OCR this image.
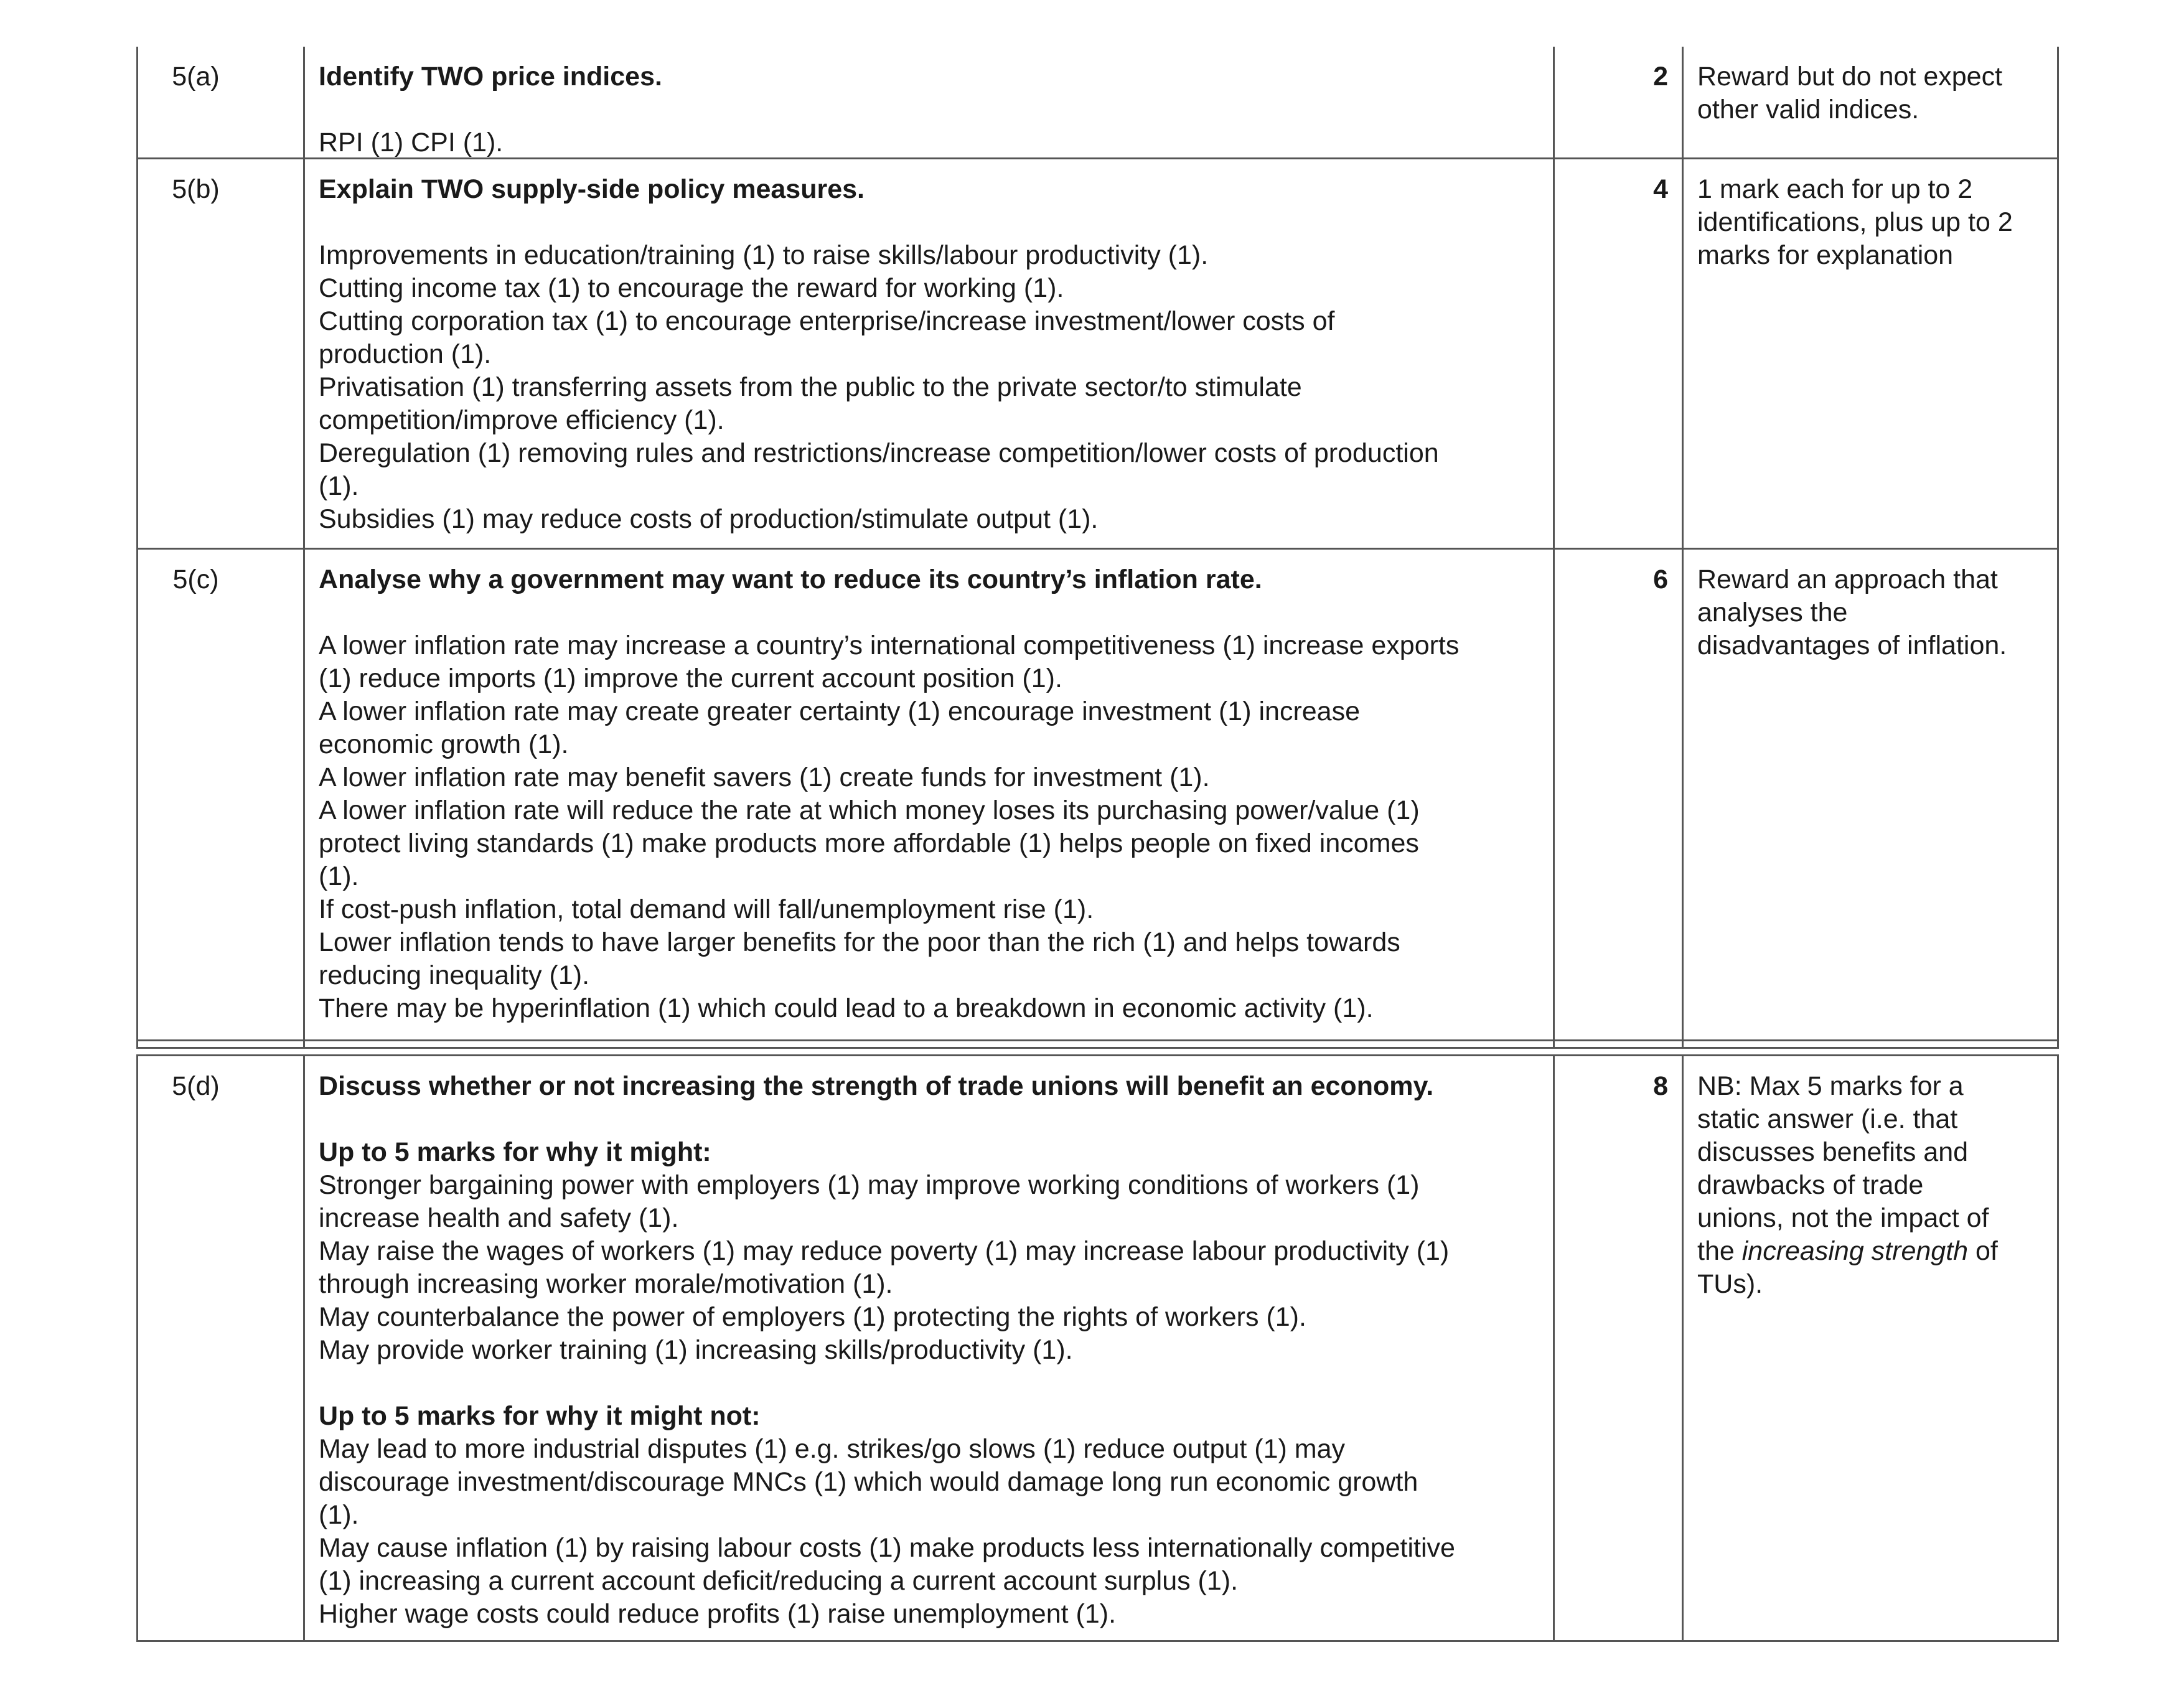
5(a)	Identify TWO price indices.
RPI (1) CPI (1).
2 Reward but do not expect
other valid indices.
5(b)	Explain TWO supply-side policy measures.
Improvements in education/training (1) to raise skills/labour productivity (1).
Cutting income tax (1) to encourage the reward for working (1).
Cutting corporation tax (1) to encourage enterprise/increase investment/lower costs of
production (1).
Privatisation (1) transferring assets from the public to the private sector/to stimulate
competition/improve efficiency (1).
Deregulation (1) removing rules and restrictions/increase competition/lower costs of production
(1).
Subsidies (1) may reduce costs of production/stimulate output (1).
4 1 mark each for up to 2
identifications, plus up to 2
marks for explanation
5(c)	Analyse why a government may want to reduce its country’s inflation rate.
A lower inflation rate may increase a country’s international competitiveness (1) increase exports
(1) reduce imports (1) improve the current account position (1).
A lower inflation rate may create greater certainty (1) encourage investment (1) increase
economic growth (1).
A lower inflation rate may benefit savers (1) create funds for investment (1).
A lower inflation rate will reduce the rate at which money loses its purchasing power/value (1)
protect living standards (1) make products more affordable (1) helps people on fixed incomes
(1).
If cost-push inflation, total demand will fall/unemployment rise (1).
Lower inflation tends to have larger benefits for the poor than the rich (1) and helps towards
reducing inequality (1).
There may be hyperinflation (1) which could lead to a breakdown in economic activity (1).
6 Reward an approach that
analyses the
disadvantages of inflation.
5(d)	Discuss whether or not increasing the strength of trade unions will benefit an economy.
Up to 5 marks for why it might:
Stronger bargaining power with employers (1) may improve working conditions of workers (1)
increase health and safety (1).
May raise the wages of workers (1) may reduce poverty (1) may increase labour productivity (1)
through increasing worker morale/motivation (1).
May counterbalance the power of employers (1) protecting the rights of workers (1).
May provide worker training (1) increasing skills/productivity (1).
Up to 5 marks for why it might not:
May lead to more industrial disputes (1) e.g. strikes/go slows (1) reduce output (1) may
discourage investment/discourage MNCs (1) which would damage long run economic growth
(1).
May cause inflation (1) by raising labour costs (1) make products less internationally competitive
(1) increasing a current account deficit/reducing a current account surplus (1).
Higher wage costs could reduce profits (1) raise unemployment (1).
8 NB: Max 5 marks for a
static answer (i.e. that
discusses benefits and
drawbacks of trade
unions, not the impact of
the increasing strength of
TUs).
